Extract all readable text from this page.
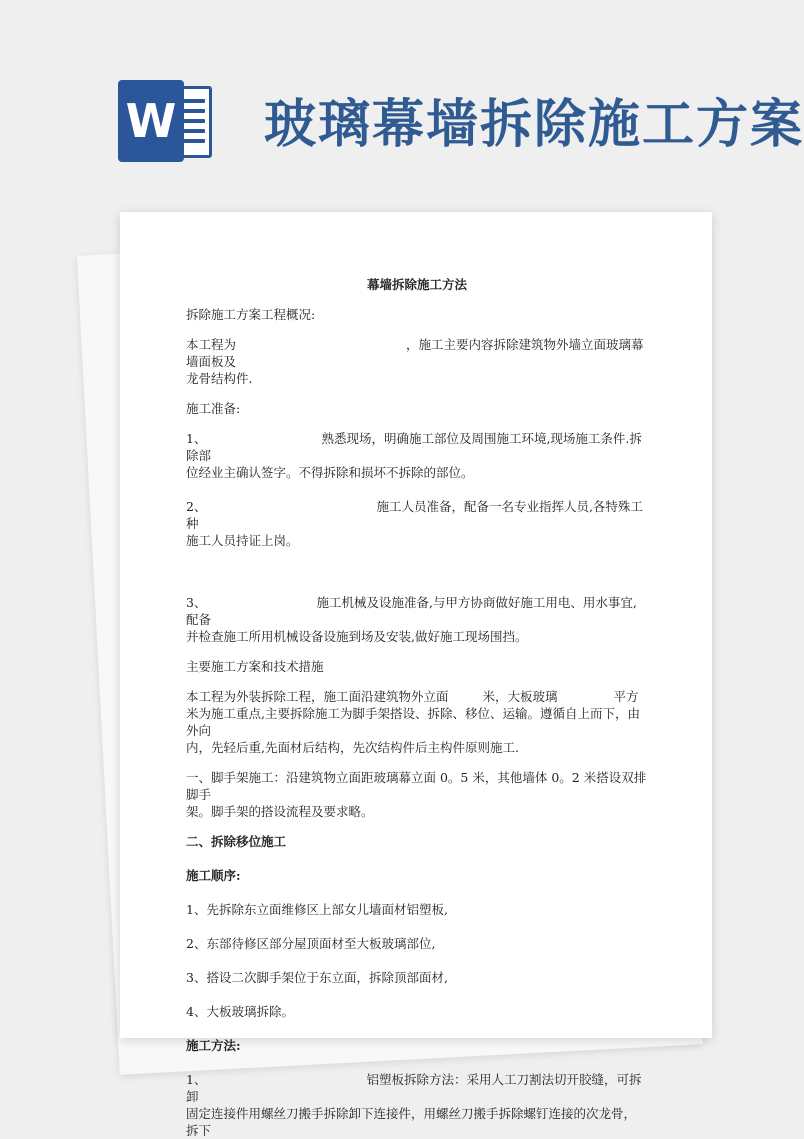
W 玻璃幕墙拆除施工方案
幕墙拆除施工方法

拆除施工方案工程概况:

本工程为	，施工主要内容拆除建筑物外墙立面玻璃幕墙面板及

龙骨结构件.

施工准备:

1、	熟悉现场，明确施工部位及周围施工环境,现场施工条件.拆除部

位经业主确认签字。不得拆除和损坏不拆除的部位。

2、	施工人员准备，配备一名专业指挥人员,各特殊工种

施工人员持证上岗。

3、	施工机械及设施准备,与甲方协商做好施工用电、用水事宜,配备

并检查施工所用机械设备设施到场及安装,做好施工现场围挡。

主要施工方案和技术措施

本工程为外装拆除工程，施工面沿建筑物外立面	米，大板玻璃	平方

米为施工重点,主要拆除施工为脚手架搭设、拆除、移位、运输。遵循自上而下，由外向

内，先轻后重,先面材后结构，先次结构件后主构件原则施工.

一、脚手架施工：沿建筑物立面距玻璃幕立面 0。5 米，其他墙体 0。2 米搭设双排脚手

架。脚手架的搭设流程及要求略。

二、拆除移位施工

施工顺序:

1、先拆除东立面维修区上部女儿墙面材铝塑板,

2、东部待修区部分屋顶面材至大板玻璃部位,

3、搭设二次脚手架位于东立面，拆除顶部面材,

4、大板玻璃拆除。

施工方法:

1、	铝塑板拆除方法：采用人工刀割法切开胶缝，可拆卸

固定连接件用螺丝刀搬手拆除卸下连接件，用螺丝刀搬手拆除螺钉连接的次龙骨，拆下
